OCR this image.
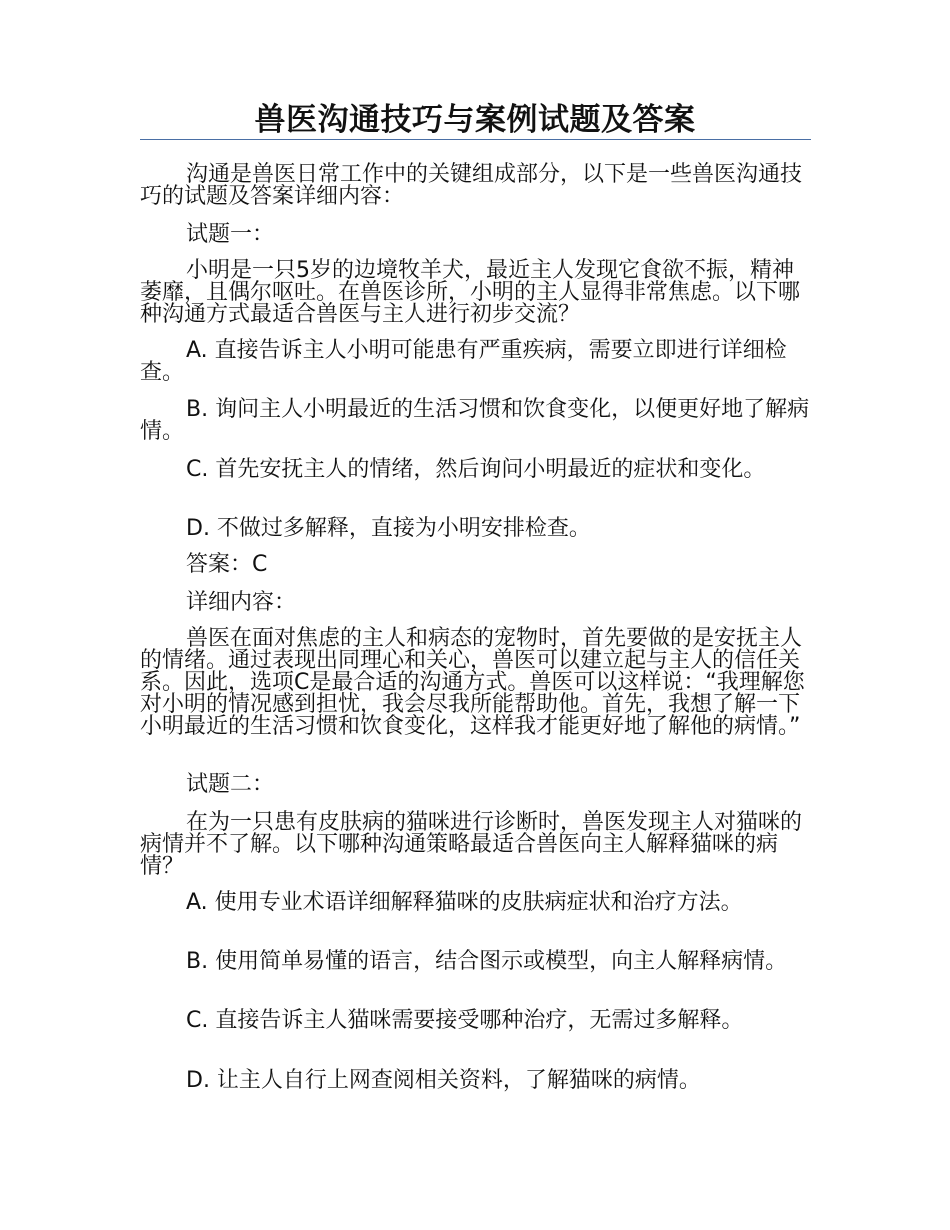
兽医沟通技巧与案例试题及答案

沟通是兽医日常工作中的关键组成部分，以下是一些兽医沟通技巧的试题及答案详细内容：

试题一：

小明是一只5岁的边境牧羊犬，最近主人发现它食欲不振，精神萎靡，且偶尔呕吐。在兽医诊所，小明的主人显得非常焦虑。以下哪种沟通方式最适合兽医与主人进行初步交流？

A. 直接告诉主人小明可能患有严重疾病，需要立即进行详细检查。

B. 询问主人小明最近的生活习惯和饮食变化，以便更好地了解病情。

C. 首先安抚主人的情绪，然后询问小明最近的症状和变化。

D. 不做过多解释，直接为小明安排检查。

答案：C

详细内容：

兽医在面对焦虑的主人和病态的宠物时，首先要做的是安抚主人的情绪。通过表现出同理心和关心，兽医可以建立起与主人的信任关系。因此，选项C是最合适的沟通方式。兽医可以这样说：“我理解您对小明的情况感到担忧，我会尽我所能帮助他。首先，我想了解一下小明最近的生活习惯和饮食变化，这样我才能更好地了解他的病情。”

试题二：

在为一只患有皮肤病的猫咪进行诊断时，兽医发现主人对猫咪的病情并不了解。以下哪种沟通策略最适合兽医向主人解释猫咪的病情？

A. 使用专业术语详细解释猫咪的皮肤病症状和治疗方法。

B. 使用简单易懂的语言，结合图示或模型，向主人解释病情。

C. 直接告诉主人猫咪需要接受哪种治疗，无需过多解释。

D. 让主人自行上网查阅相关资料，了解猫咪的病情。
